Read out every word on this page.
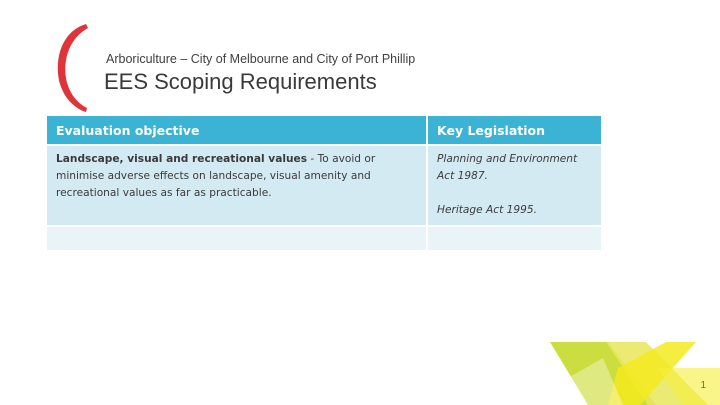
Arboriculture – City of Melbourne and City of Port Phillip
EES Scoping Requirements
Evaluation objective	Key Legislation
Landscape, visual and recreational values - To avoid or minimise adverse effects on landscape, visual amenity and recreational values as far as practicable.	Planning and Environment Act 1987.
Heritage Act 1995.

1
